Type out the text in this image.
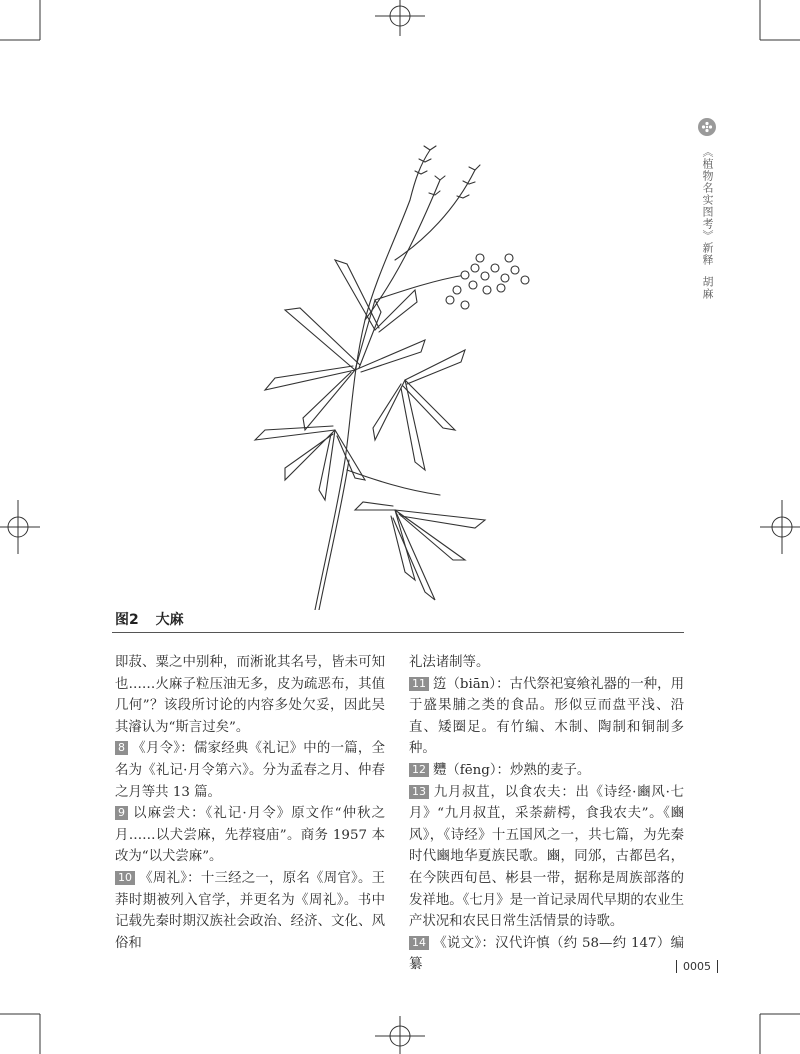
图2 大麻

即菽、粟之中别种，而淅讹其名号，皆未可知也……火麻子粒压油无多，皮为疏恶布，其值几何”？该段所讨论的内容多处欠妥，因此吴其濬认为“斯言过矣”。

8 《月令》：儒家经典《礼记》中的一篇，全名为《礼记·月令第六》。分为孟春之月、仲春之月等共 13 篇。

9 以麻尝犬：《礼记·月令》原文作“仲秋之月……以犬尝麻，先荐寝庙”。商务 1957 本改为“以犬尝麻”。

10 《周礼》：十三经之一，原名《周官》。王莽时期被列入官学，并更名为《周礼》。书中记载先秦时期汉族社会政治、经济、文化、风俗和

礼法诸制等。

11 笾（biān）：古代祭祀宴飨礼器的一种，用于盛果脯之类的食品。形似豆而盘平浅、沿直、矮圈足。有竹编、木制、陶制和铜制多种。

12 麷（fēng）：炒熟的麦子。

13 九月叔苴，以食农夫：出《诗经·豳风·七月》“九月叔苴，采荼薪樗，食我农夫”。《豳风》，《诗经》十五国风之一，共七篇，为先秦时代豳地华夏族民歌。豳，同邠，古都邑名，在今陕西旬邑、彬县一带，据称是周族部落的发祥地。《七月》是一首记录周代早期的农业生产状况和农民日常生活情景的诗歌。

14 《说文》：汉代许慎（约 58—约 147）编纂

《植物名实图考》新释
胡麻
0005
